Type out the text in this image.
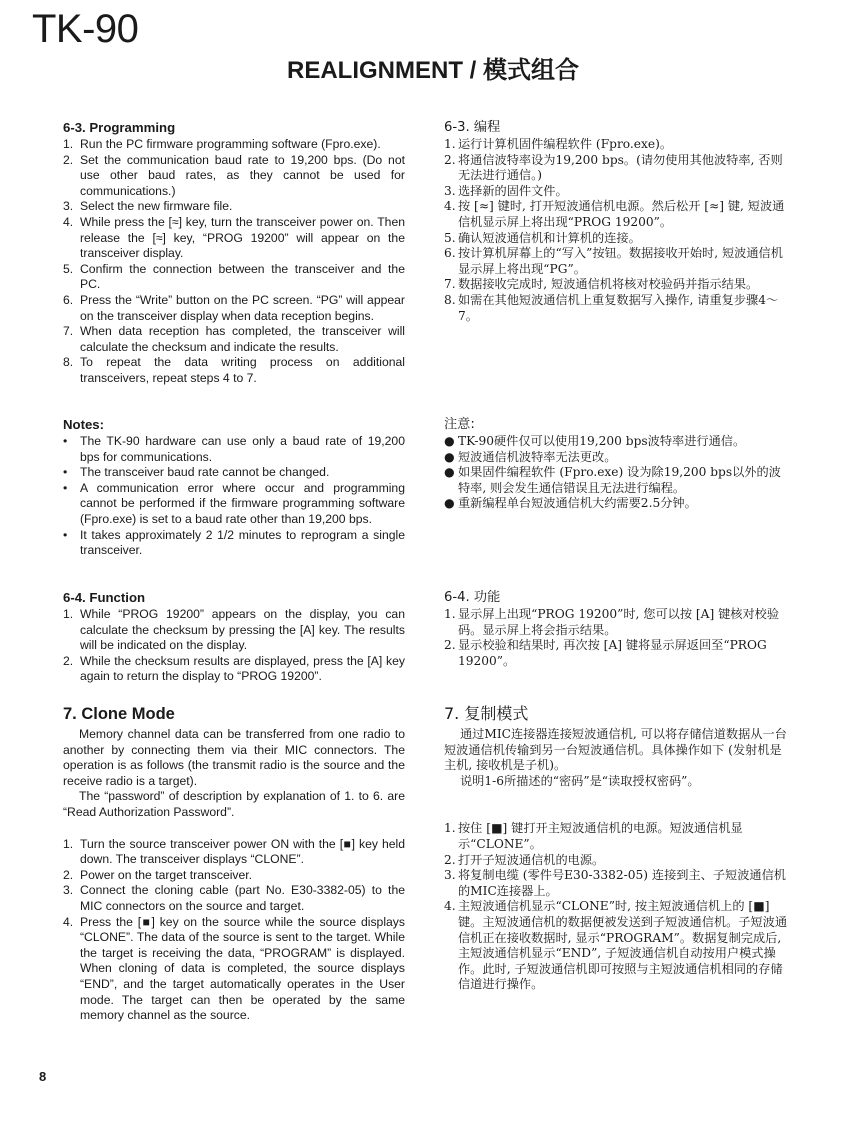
TK-90
REALIGNMENT / 模式组合
6-3. Programming
1. Run the PC firmware programming software (Fpro.exe).
2. Set the communication baud rate to 19,200 bps. (Do not use other baud rates, as they cannot be used for communications.)
3. Select the new firmware file.
4. While press the [≈] key, turn the transceiver power on. Then release the [≈] key, “PROG 19200” will appear on the transceiver display.
5. Confirm the connection between the transceiver and the PC.
6. Press the “Write” button on the PC screen. “PG” will appear on the transceiver display when data reception begins.
7. When data reception has completed, the transceiver will calculate the checksum and indicate the results.
8. To repeat the data writing process on additional transceivers, repeat steps 4 to 7.
Notes:
• The TK-90 hardware can use only a baud rate of 19,200 bps for communications.
• The transceiver baud rate cannot be changed.
• A communication error where occur and programming cannot be performed if the firmware programming software (Fpro.exe) is set to a baud rate other than 19,200 bps.
• It takes approximately 2 1/2 minutes to reprogram a single transceiver.
6-4. Function
1. While “PROG 19200” appears on the display, you can calculate the checksum by pressing the [A] key. The results will be indicated on the display.
2. While the checksum results are displayed, press the [A] key again to return the display to “PROG 19200”.
7. Clone Mode

Memory channel data can be transferred from one radio to another by connecting them via their MIC connectors. The operation is as follows (the transmit radio is the source and the receive radio is a target).

The “password” of description by explanation of 1. to 6. are “Read Authorization Password”.

1. Turn the source transceiver power ON with the [■] key held down. The transceiver displays “CLONE”.
2. Power on the target transceiver.
3. Connect the cloning cable (part No. E30-3382-05) to the MIC connectors on the source and target.
4. Press the [■] key on the source while the source displays “CLONE”. The data of the source is sent to the target. While the target is receiving the data, “PROGRAM” is displayed. When cloning of data is completed, the source displays “END”, and the target automatically operates in the User mode. The target can then be operated by the same memory channel as the source.
6-3. 编程
1. 运行计算机固件编程软件 (Fpro.exe)。
2. 将通信波特率设为19,200 bps。(请勿使用其他波特率, 否则无法进行通信。)
3. 选择新的固件文件。
4. 按 [≈] 键时, 打开短波通信机电源。然后松开 [≈] 键, 短波通信机显示屏上将出现“PROG 19200”。
5. 确认短波通信机和计算机的连接。
6. 按计算机屏幕上的“写入”按钮。数据接收开始时, 短波通信机显示屏上将出现“PG”。
7. 数据接收完成时, 短波通信机将核对校验码并指示结果。
8. 如需在其他短波通信机上重复数据写入操作, 请重复步骤4～7。
注意:
● TK-90硬件仅可以使用19,200 bps波特率进行通信。
● 短波通信机波特率无法更改。
● 如果固件编程软件 (Fpro.exe) 设为除19,200 bps以外的波特率, 则会发生通信错误且无法进行编程。
● 重新编程单台短波通信机大约需要2.5分钟。
6-4. 功能
1. 显示屏上出现“PROG 19200”时, 您可以按 [A] 键核对校验码。显示屏上将会指示结果。
2. 显示校验和结果时, 再次按 [A] 键将显示屏返回至“PROG 19200”。
7. 复制模式

通过MIC连接器连接短波通信机, 可以将存储信道数据从一台短波通信机传输到另一台短波通信机。具体操作如下 (发射机是主机, 接收机是子机)。

说明1-6所描述的“密码”是“读取授权密码”。

1. 按住 [■] 键打开主短波通信机的电源。短波通信机显示“CLONE”。
2. 打开子短波通信机的电源。
3. 将复制电缆 (零件号E30-3382-05) 连接到主、子短波通信机的MIC连接器上。
4. 主短波通信机显示“CLONE”时, 按主短波通信机上的 [■] 键。主短波通信机的数据便被发送到子短波通信机。子短波通信机正在接收数据时, 显示“PROGRAM”。数据复制完成后, 主短波通信机显示“END”, 子短波通信机自动按用户模式操作。此时, 子短波通信机即可按照与主短波通信机相同的存储信道进行操作。
8
